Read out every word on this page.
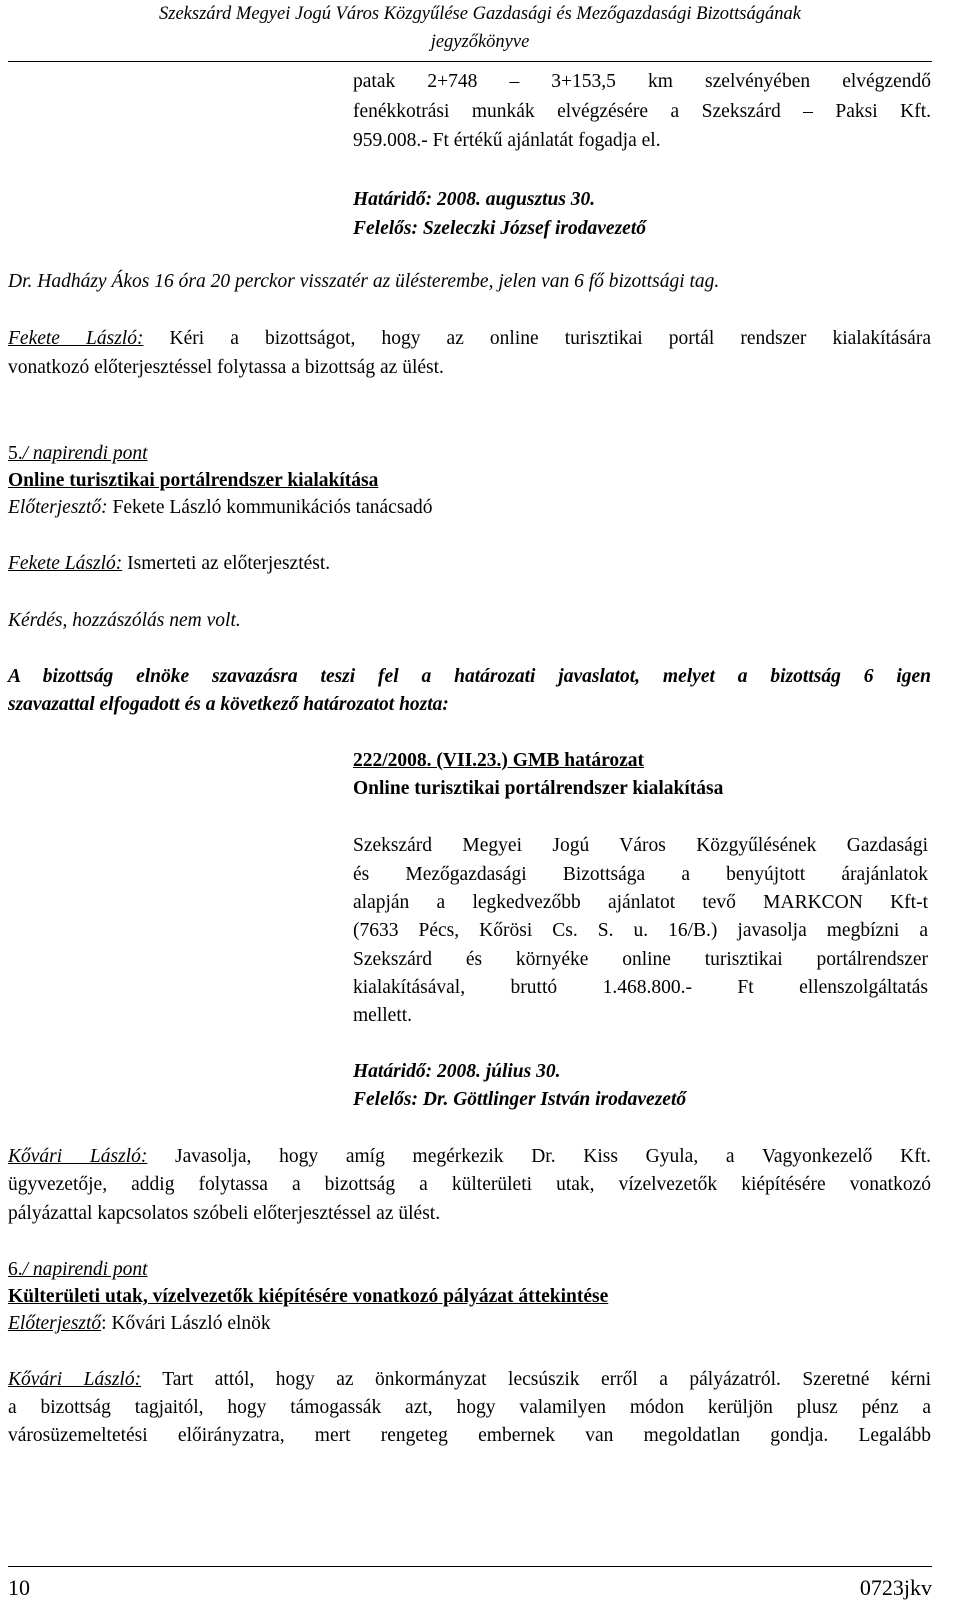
Szekszárd Megyei Jogú Város Közgyűlése Gazdasági és Mezőgazdasági Bizottságának
jegyzőkönyve
patak 2+748 – 3+153,5 km szelvényében elvégzendő
fenékkotrási munkák elvégzésére a Szekszárd – Paksi Kft.
959.008.- Ft értékű ajánlatát fogadja el.
Határidő: 2008. augusztus 30.
Felelős: Szeleczki József irodavezető
Dr. Hadházy Ákos 16 óra 20 perckor visszatér az ülésterembe, jelen van 6 fő bizottsági tag.
Fekete László: Kéri a bizottságot, hogy az online turisztikai portál rendszer kialakítására
vonatkozó előterjesztéssel folytassa a bizottság az ülést.
5./ napirendi pont
Online turisztikai portálrendszer kialakítása
Előterjesztő: Fekete László kommunikációs tanácsadó
Fekete László: Ismerteti az előterjesztést.
Kérdés, hozzászólás nem volt.
A bizottság elnöke szavazásra teszi fel a határozati javaslatot, melyet a bizottság 6 igen
szavazattal elfogadott és a következő határozatot hozta:
222/2008. (VII.23.) GMB határozat
Online turisztikai portálrendszer kialakítása
Szekszárd Megyei Jogú Város Közgyűlésének Gazdasági
és Mezőgazdasági Bizottsága a benyújtott árajánlatok
alapján a legkedvezőbb ajánlatot tevő MARKCON Kft-t
(7633 Pécs, Kőrösi Cs. S. u. 16/B.) javasolja megbízni a
Szekszárd és környéke online turisztikai portálrendszer
kialakításával, bruttó 1.468.800.- Ft ellenszolgáltatás
mellett.
Határidő: 2008. július 30.
Felelős: Dr. Göttlinger István irodavezető
Kővári László: Javasolja, hogy amíg megérkezik Dr. Kiss Gyula, a Vagyonkezelő Kft.
ügyvezetője, addig folytassa a bizottság a külterületi utak, vízelvezetők kiépítésére vonatkozó
pályázattal kapcsolatos szóbeli előterjesztéssel az ülést.
6./ napirendi pont
Külterületi utak, vízelvezetők kiépítésére vonatkozó pályázat áttekintése
Előterjesztő: Kővári László elnök
Kővári László: Tart attól, hogy az önkormányzat lecsúszik erről a pályázatról. Szeretné kérni
a bizottság tagjaitól, hogy támogassák azt, hogy valamilyen módon kerüljön plusz pénz a
városüzemeltetési előirányzatra, mert rengeteg embernek van megoldatlan gondja. Legalább
10	0723jkv
